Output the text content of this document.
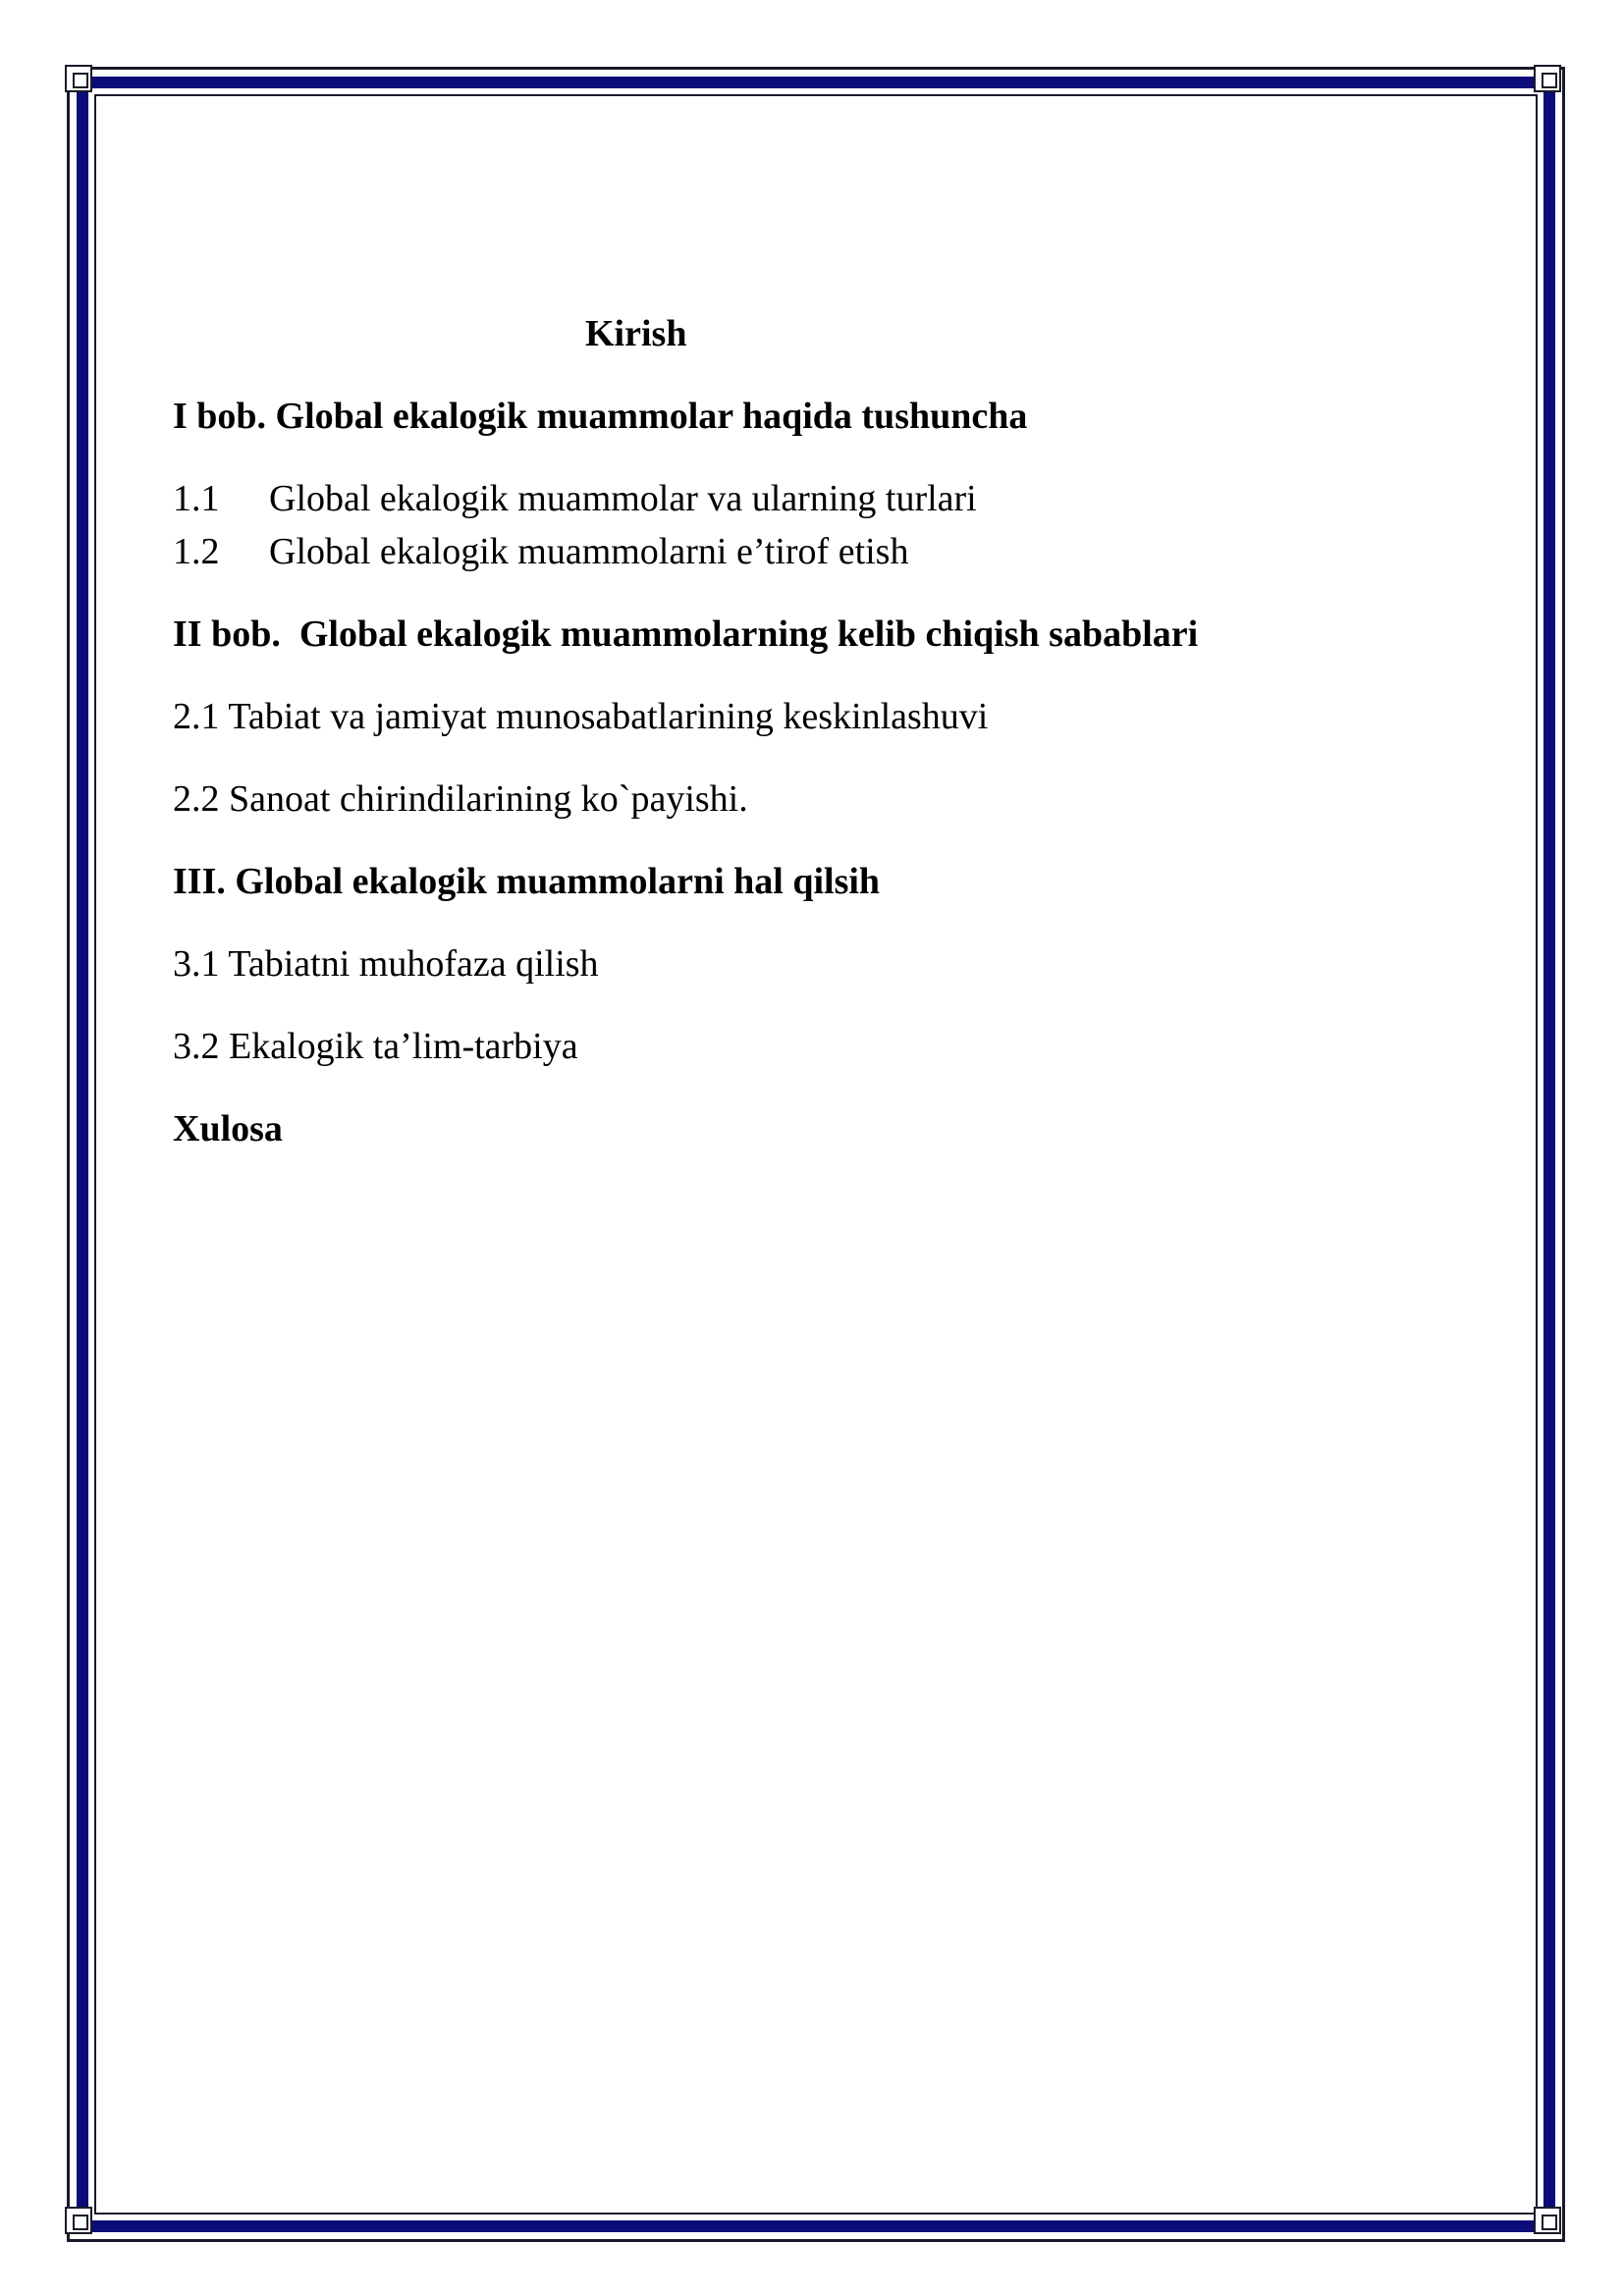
Kirish
I bob. Global ekalogik muammolar haqida tushuncha
1.1 Global ekalogik muammolar va ularning turlari
1.2 Global ekalogik muammolarni e’tirof etish
II bob.  Global ekalogik muammolarning kelib chiqish sabablari
2.1 Tabiat va jamiyat munosabatlarining keskinlashuvi
2.2 Sanoat chirindilarining ko`payishi.
III. Global ekalogik muammolarni hal qilsih
3.1 Tabiatni muhofaza qilish
3.2 Ekalogik ta’lim-tarbiya
Xulosa
